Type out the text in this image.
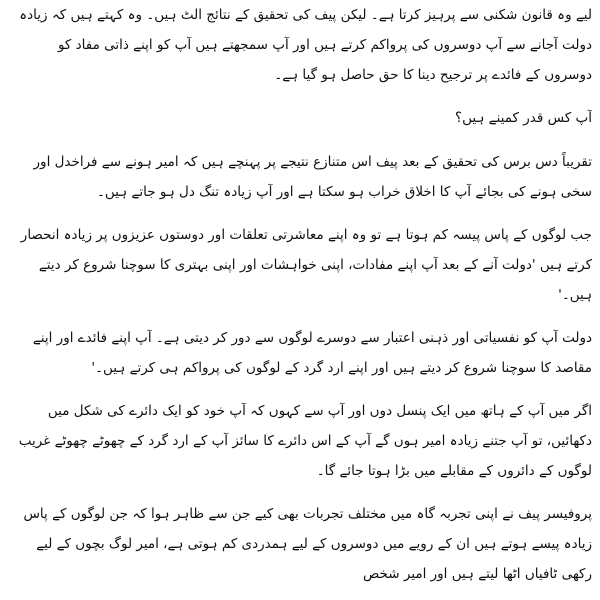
لیے وہ قانون شکنی سے پرہیز کرتا ہے۔ لیکن پیف کی تحقیق کے نتائج الٹ ہیں۔ وہ کہتے ہیں کہ زیادہ دولت آجانے سے آپ دوسروں کی پرواکم کرتے ہیں اور آپ سمجھتے ہیں آپ کو اپنے ذاتی مفاد کو دوسروں کے فائدے پر ترجیح دینا کا حق حاصل ہو گیا ہے۔

آپ کس قدر کمینے ہیں؟

تقریباً دس برس کی تحقیق کے بعد پیف اس متنازع نتیجے پر پہنچے ہیں کہ امیر ہونے سے فراخدل اور سخی ہونے کی بجائے آپ کا اخلاق خراب ہو سکتا ہے اور آپ زیادہ تنگ دل ہو جاتے ہیں۔

جب لوگوں کے پاس پیسہ کم ہوتا ہے تو وہ اپنے معاشرتی تعلقات اور دوستوں عزیزوں پر زیادہ انحصار کرتے ہیں 'دولت آنے کے بعد آپ اپنے مفادات، اپنی خواہشات اور اپنی بہتری کا سوچنا شروع کر دیتے ہیں۔'

دولت آپ کو نفسیاتی اور ذہنی اعتبار سے دوسرے لوگوں سے دور کر دیتی ہے۔ آپ اپنے فائدے اور اپنے مقاصد کا سوچنا شروع کر دیتے ہیں اور اپنے ارد گرد کے لوگوں کی پرواکم ہی کرتے ہیں۔'

اگر میں آپ کے ہاتھ میں ایک پنسل دوں اور آپ سے کہوں کہ آپ خود کو ایک دائرے کی شکل میں دکھائیں، تو آپ جتنے زیادہ امیر ہوں گے آپ کے اس دائرے کا سائز آپ کے ارد گرد کے چھوٹے چھوٹے غریب لوگوں کے دائروں کے مقابلے میں بڑا ہوتا جائے گا۔

پروفیسر پیف نے اپنی تجربہ گاہ میں مختلف تجربات بھی کیے جن سے ظاہر ہوا کہ جن لوگوں کے پاس زیادہ پیسے ہوتے ہیں ان کے رویے میں دوسروں کے لیے ہمدردی کم ہوتی ہے، امیر لوگ بچوں کے لیے رکھی ٹافیاں اٹھا لیتے ہیں اور امیر شخص
